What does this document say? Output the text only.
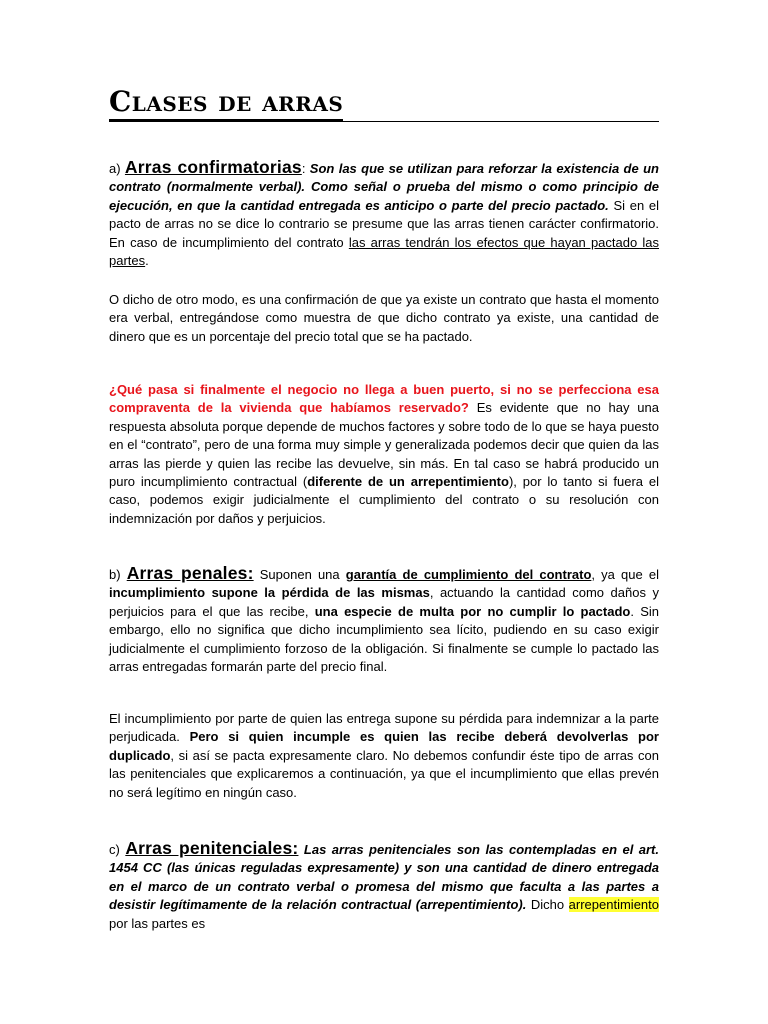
Clases de arras

a) Arras confirmatorias: Son las que se utilizan para reforzar la existencia de un contrato (normalmente verbal). Como señal o prueba del mismo o como principio de ejecución, en que la cantidad entregada es anticipo o parte del precio pactado. Si en el pacto de arras no se dice lo contrario se presume que las arras tienen carácter confirmatorio. En caso de incumplimiento del contrato las arras tendrán los efectos que hayan pactado las partes.

O dicho de otro modo, es una confirmación de que ya existe un contrato que hasta el momento era verbal, entregándose como muestra de que dicho contrato ya existe, una cantidad de dinero que es un porcentaje del precio total que se ha pactado.

¿Qué pasa si finalmente el negocio no llega a buen puerto, si no se perfecciona esa compraventa de la vivienda que habíamos reservado? Es evidente que no hay una respuesta absoluta porque depende de muchos factores y sobre todo de lo que se haya puesto en el “contrato”, pero de una forma muy simple y generalizada podemos decir que quien da las arras las pierde y quien las recibe las devuelve, sin más. En tal caso se habrá producido un puro incumplimiento contractual (diferente de un arrepentimiento), por lo tanto si fuera el caso, podemos exigir judicialmente el cumplimiento del contrato o su resolución con indemnización por daños y perjuicios.

b) Arras penales: Suponen una garantía de cumplimiento del contrato, ya que el incumplimiento supone la pérdida de las mismas, actuando la cantidad como daños y perjuicios para el que las recibe, una especie de multa por no cumplir lo pactado. Sin embargo, ello no significa que dicho incumplimiento sea lícito, pudiendo en su caso exigir judicialmente el cumplimiento forzoso de la obligación. Si finalmente se cumple lo pactado las arras entregadas formarán parte del precio final.

El incumplimiento por parte de quien las entrega supone su pérdida para indemnizar a la parte perjudicada. Pero si quien incumple es quien las recibe deberá devolverlas por duplicado, si así se pacta expresamente claro. No debemos confundir éste tipo de arras con las penitenciales que explicaremos a continuación, ya que el incumplimiento que ellas prevén no será legítimo en ningún caso.

c) Arras penitenciales: Las arras penitenciales son las contempladas en el art. 1454 CC (las únicas reguladas expresamente) y son una cantidad de dinero entregada en el marco de un contrato verbal o promesa del mismo que faculta a las partes a desistir legítimamente de la relación contractual (arrepentimiento). Dicho arrepentimiento por las partes es
